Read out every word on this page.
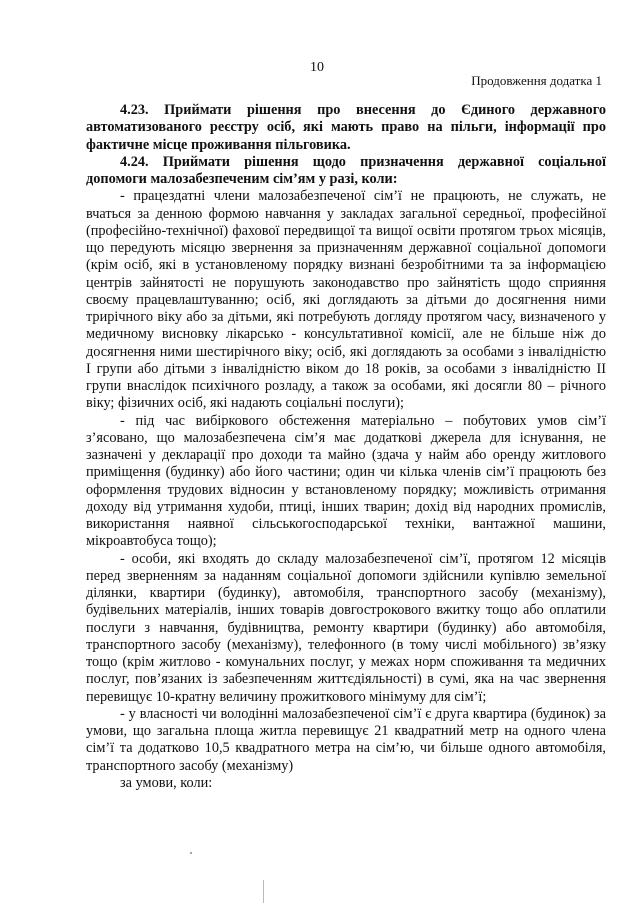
10
Продовження додатка 1

4.23. Приймати рішення про внесення до Єдиного державного автоматизованого реєстру осіб, які мають право на пільги, інформації про фактичне місце проживання пільговика.

4.24. Приймати рішення щодо призначення державної соціальної допомоги малозабезпеченим сім’ям у разі, коли:

- працездатні члени малозабезпеченої сім’ї не працюють, не служать, не вчаться за денною формою навчання у закладах загальної середньої, професійної (професійно-технічної) фахової передвищої та вищої освіти протягом трьох місяців, що передують місяцю звернення за призначенням державної соціальної допомоги (крім осіб, які в установленому порядку визнані безробітними та за інформацією центрів зайнятості не порушують законодавство про зайнятість щодо сприяння своєму працевлаштуванню; осіб, які доглядають за дітьми до досягнення ними трирічного віку або за дітьми, які потребують догляду протягом часу, визначеного у медичному висновку лікарсько - консультативної комісії, але не більше ніж до досягнення ними шестирічного віку; осіб, які доглядають за особами з інвалідністю I групи або дітьми з інвалідністю віком до 18 років, за особами з інвалідністю II групи внаслідок психічного розладу, а також за особами, які досягли 80 – річного віку; фізичних осіб, які надають соціальні послуги);

- під час вибіркового обстеження матеріально – побутових умов сім’ї з’ясовано, що малозабезпечена сім’я має додаткові джерела для існування, не зазначені у декларації про доходи та майно (здача у найм або оренду житлового приміщення (будинку) або його частини; один чи кілька членів сім’ї працюють без оформлення трудових відносин у встановленому порядку; можливість отримання доходу від утримання худоби, птиці, інших тварин; дохід від народних промислів, використання наявної сільськогосподарської техніки, вантажної машини, мікроавтобуса тощо);

- особи, які входять до складу малозабезпеченої сім’ї, протягом 12 місяців перед зверненням за наданням соціальної допомоги здійснили купівлю земельної ділянки, квартири (будинку), автомобіля, транспортного засобу (механізму), будівельних матеріалів, інших товарів довгострокового вжитку тощо або оплатили послуги з навчання, будівництва, ремонту квартири (будинку) або автомобіля, транспортного засобу (механізму), телефонного (в тому числі мобільного) зв’язку тощо (крім житлово - комунальних послуг, у межах норм споживання та медичних послуг, пов’язаних із забезпеченням життєдіяльності) в сумі, яка на час звернення перевищує 10-кратну величину прожиткового мінімуму для сім’ї;

- у власності чи володінні малозабезпеченої сім’ї є друга квартира (будинок) за умови, що загальна площа житла перевищує 21 квадратний метр на одного члена сім’ї та додатково 10,5 квадратного метра на сім’ю, чи більше одного автомобіля, транспортного засобу (механізму)

за умови, коли:
